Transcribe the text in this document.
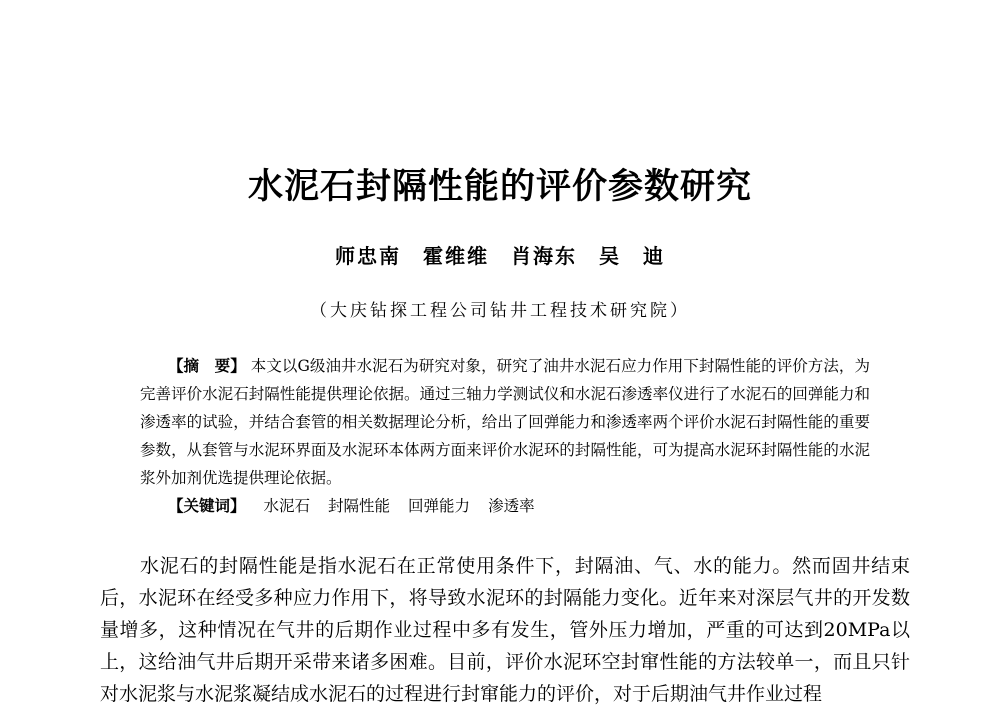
水泥石封隔性能的评价参数研究
师忠南　霍维维　肖海东　吴　迪
（大庆钻探工程公司钻井工程技术研究院）

【摘　要】 本文以G级油井水泥石为研究对象，研究了油井水泥石应力作用下封隔性能的评价方法，为完善评价水泥石封隔性能提供理论依据。通过三轴力学测试仪和水泥石渗透率仪进行了水泥石的回弹能力和渗透率的试验，并结合套管的相关数据理论分析，给出了回弹能力和渗透率两个评价水泥石封隔性能的重要参数，从套管与水泥环界面及水泥环本体两方面来评价水泥环的封隔性能，可为提高水泥环封隔性能的水泥浆外加剂优选提供理论依据。

【关键词】 水泥石 封隔性能 回弹能力 渗透率

水泥石的封隔性能是指水泥石在正常使用条件下，封隔油、气、水的能力。然而固井结束后，水泥环在经受多种应力作用下，将导致水泥环的封隔能力变化。近年来对深层气井的开发数量增多，这种情况在气井的后期作业过程中多有发生，管外压力增加，严重的可达到20MPa以上，这给油气井后期开采带来诸多困难。目前，评价水泥环空封窜性能的方法较单一，而且只针对水泥浆与水泥浆凝结成水泥石的过程进行封窜能力的评价，对于后期油气井作业过程
